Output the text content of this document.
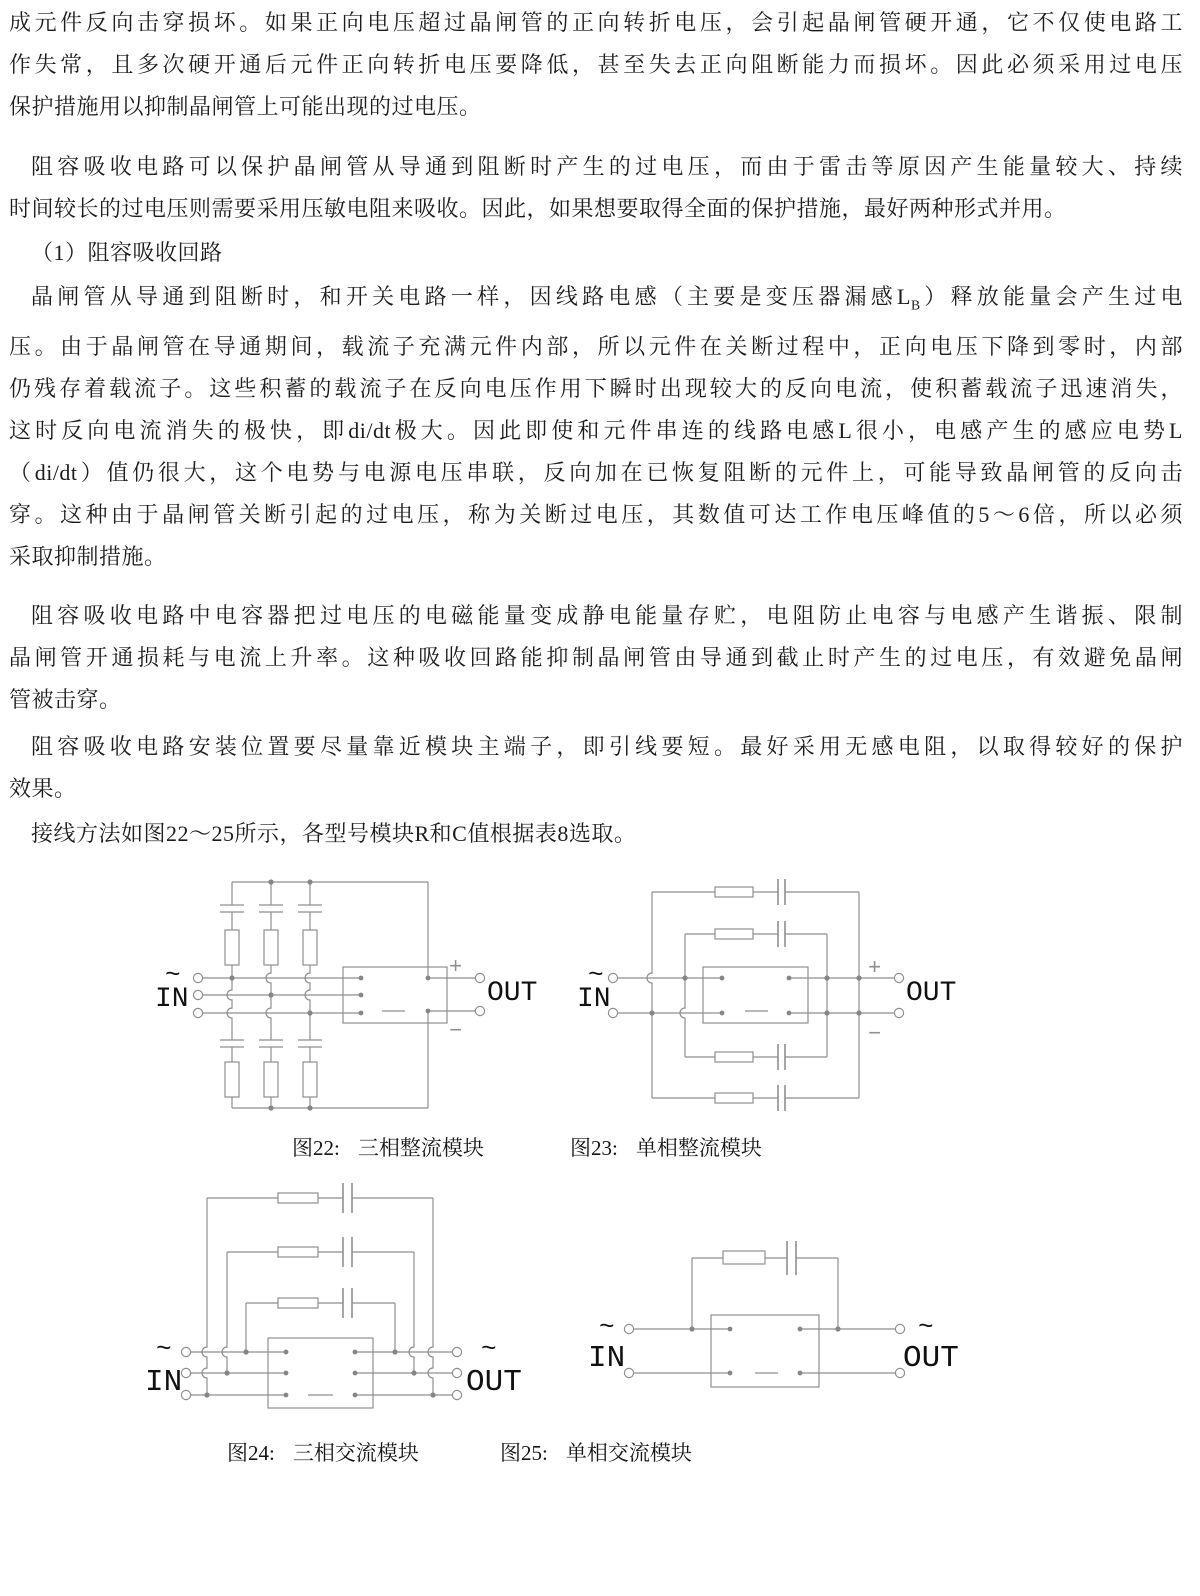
成元件反向击穿损坏。如果正向电压超过晶闸管的正向转折电压，会引起晶闸管硬开通，它不仅使电路工
作失常，且多次硬开通后元件正向转折电压要降低，甚至失去正向阻断能力而损坏。因此必须采用过电压
保护措施用以抑制晶闸管上可能出现的过电压。
阻容吸收电路可以保护晶闸管从导通到阻断时产生的过电压，而由于雷击等原因产生能量较大、持续
时间较长的过电压则需要采用压敏电阻来吸收。因此，如果想要取得全面的保护措施，最好两种形式并用。
（1）阻容吸收回路
晶闸管从导通到阻断时，和开关电路一样，因线路电感（主要是变压器漏感$L_B$）释放能量会产生过电
压。由于晶闸管在导通期间，载流子充满元件内部，所以元件在关断过程中，正向电压下降到零时，内部
仍残存着载流子。这些积蓄的载流子在反向电压作用下瞬时出现较大的反向电流，使积蓄载流子迅速消失，
这时反向电流消失的极快，即di/dt极大。因此即使和元件串连的线路电感L很小，电感产生的感应电势L
（di/dt）值仍很大，这个电势与电源电压串联，反向加在已恢复阻断的元件上，可能导致晶闸管的反向击
穿。这种由于晶闸管关断引起的过电压，称为关断过电压，其数值可达工作电压峰值的5～6倍，所以必须
采取抑制措施。
阻容吸收电路中电容器把过电压的电磁能量变成静电能量存贮，电阻防止电容与电感产生谐振、限制
晶闸管开通损耗与电流上升率。这种吸收回路能抑制晶闸管由导通到截止时产生的过电压，有效避免晶闸
管被击穿。
阻容吸收电路安装位置要尽量靠近模块主端子，即引线要短。最好采用无感电阻，以取得较好的保护
效果。
接线方法如图22～25所示，各型号模块R和C值根据表8选取。
~
IN
+
−
OUT
~
IN
+
−
OUT
~
IN
~
OUT
~
IN
~
OUT
图22: 三相整流模块	图23: 单相整流模块
图24: 三相交流模块	图25: 单相交流模块
